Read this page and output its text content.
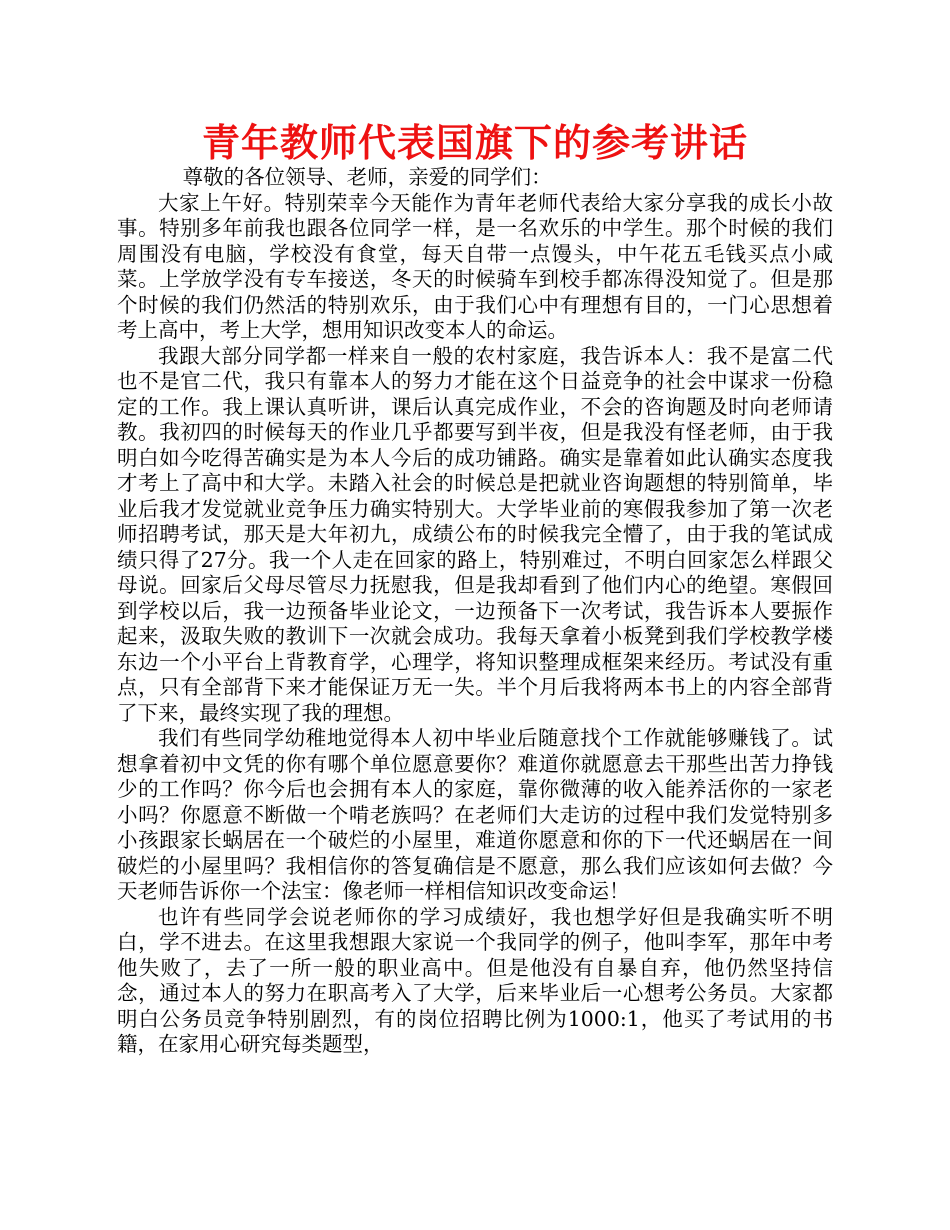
青年教师代表国旗下的参考讲话

尊敬的各位领导、老师，亲爱的同学们：

大家上午好。特别荣幸今天能作为青年老师代表给大家分享我的成长小故事。特别多年前我也跟各位同学一样，是一名欢乐的中学生。那个时候的我们周围没有电脑，学校没有食堂，每天自带一点馒头，中午花五毛钱买点小咸菜。上学放学没有专车接送，冬天的时候骑车到校手都冻得没知觉了。但是那个时候的我们仍然活的特别欢乐，由于我们心中有理想有目的，一门心思想着考上高中，考上大学，想用知识改变本人的命运。

我跟大部分同学都一样来自一般的农村家庭，我告诉本人：我不是富二代也不是官二代，我只有靠本人的努力才能在这个日益竞争的社会中谋求一份稳定的工作。我上课认真听讲，课后认真完成作业，不会的咨询题及时向老师请教。我初四的时候每天的作业几乎都要写到半夜，但是我没有怪老师，由于我明白如今吃得苦确实是为本人今后的成功铺路。确实是靠着如此认确实态度我才考上了高中和大学。未踏入社会的时候总是把就业咨询题想的特别简单，毕业后我才发觉就业竞争压力确实特别大。大学毕业前的寒假我参加了第一次老师招聘考试，那天是大年初九，成绩公布的时候我完全懵了，由于我的笔试成绩只得了27分。我一个人走在回家的路上，特别难过，不明白回家怎么样跟父母说。回家后父母尽管尽力抚慰我，但是我却看到了他们内心的绝望。寒假回到学校以后，我一边预备毕业论文，一边预备下一次考试，我告诉本人要振作起来，汲取失败的教训下一次就会成功。我每天拿着小板凳到我们学校教学楼东边一个小平台上背教育学，心理学，将知识整理成框架来经历。考试没有重点，只有全部背下来才能保证万无一失。半个月后我将两本书上的内容全部背了下来，最终实现了我的理想。

我们有些同学幼稚地觉得本人初中毕业后随意找个工作就能够赚钱了。试想拿着初中文凭的你有哪个单位愿意要你？难道你就愿意去干那些出苦力挣钱少的工作吗？你今后也会拥有本人的家庭，靠你微薄的收入能养活你的一家老小吗？你愿意不断做一个啃老族吗？在老师们大走访的过程中我们发觉特别多小孩跟家长蜗居在一个破烂的小屋里，难道你愿意和你的下一代还蜗居在一间破烂的小屋里吗？我相信你的答复确信是不愿意，那么我们应该如何去做？今天老师告诉你一个法宝：像老师一样相信知识改变命运！

也许有些同学会说老师你的学习成绩好，我也想学好但是我确实听不明白，学不进去。在这里我想跟大家说一个我同学的例子，他叫李军，那年中考他失败了，去了一所一般的职业高中。但是他没有自暴自弃，他仍然坚持信念，通过本人的努力在职高考入了大学，后来毕业后一心想考公务员。大家都明白公务员竞争特别剧烈，有的岗位招聘比例为1000:1，他买了考试用的书籍，在家用心研究每类题型，
